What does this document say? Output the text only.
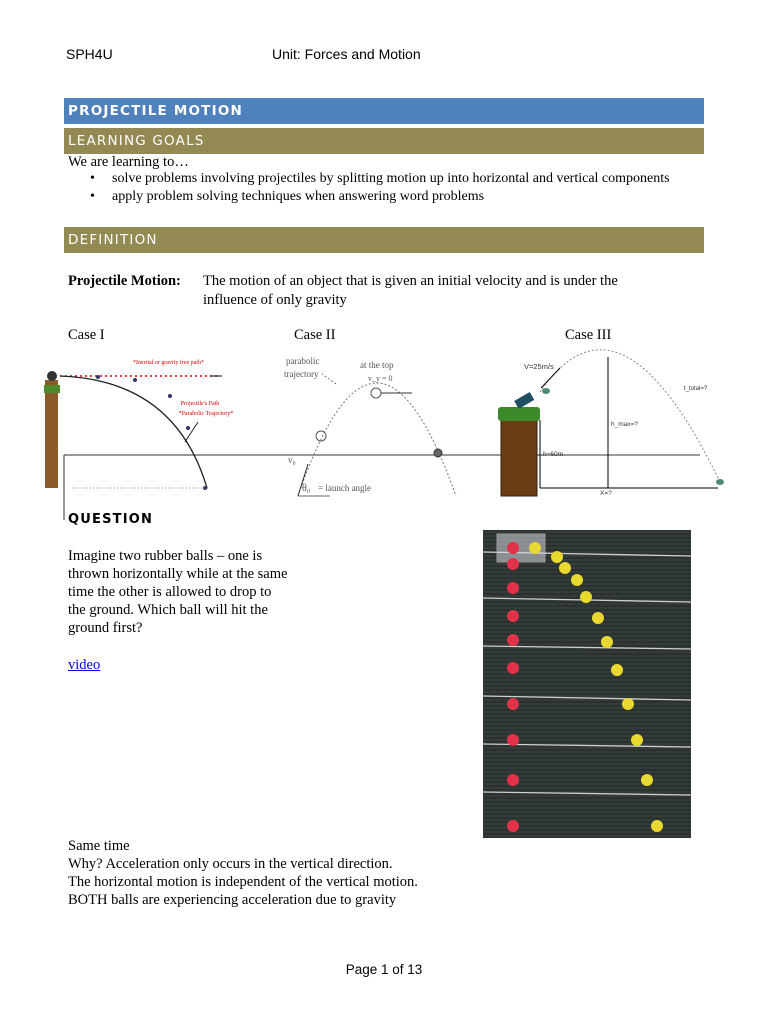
SPH4U	Unit: Forces and Motion
PROJECTILE MOTION
LEARNING GOALS
We are learning to…
• solve problems involving projectiles by splitting motion up into horizontal and vertical components
• apply problem solving techniques when answering word problems
DEFINITION
Projectile Motion: The motion of an object that is given an initial velocity and is under the
influence of only gravity
Case I	Case II	Case III
*Inertial or gravity free path*
Projectile's Path
*Parabolic Trajectory*
parabolic
trajectory
at the top
v_y = 0
v₀
θ₀ = launch angle
V=25m/s
h_max=?
h=60m
X=?
t_total=?
QUESTION
Imagine two rubber balls – one is
thrown horizontally while at the same
time the other is allowed to drop to
the ground. Which ball will hit the
ground first?
video
Same time
Why? Acceleration only occurs in the vertical direction.
The horizontal motion is independent of the vertical motion.
BOTH balls are experiencing acceleration due to gravity
Page 1 of 13
